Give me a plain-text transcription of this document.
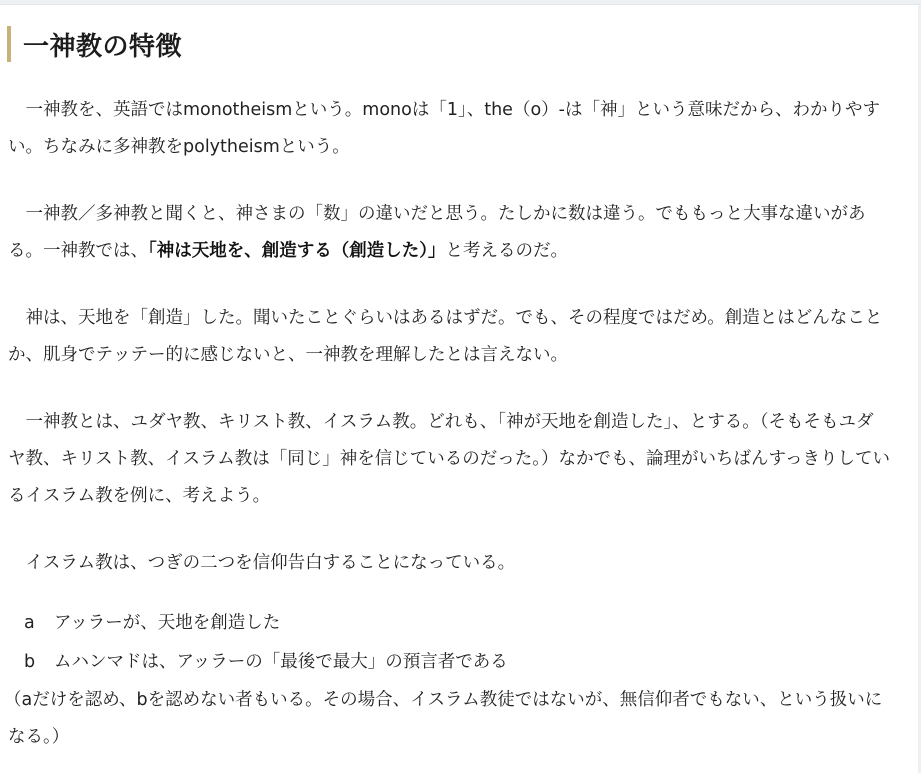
一神教の特徴

一神教を、英語ではmonotheismという。monoは「1」、the（o）-は「神」という意味だから、わかりやすい。ちなみに多神教をpolytheismという。

一神教／多神教と聞くと、神さまの「数」の違いだと思う。たしかに数は違う。でももっと大事な違いがある。一神教では、「神は天地を、創造する（創造した）」と考えるのだ。

神は、天地を「創造」した。聞いたことぐらいはあるはずだ。でも、その程度ではだめ。創造とはどんなことか、肌身でテッテー的に感じないと、一神教を理解したとは言えない。

一神教とは、ユダヤ教、キリスト教、イスラム教。どれも、「神が天地を創造した」、とする。（そもそもユダヤ教、キリスト教、イスラム教は「同じ」神を信じているのだった。）なかでも、論理がいちばんすっきりしているイスラム教を例に、考えよう。

イスラム教は、つぎの二つを信仰告白することになっている。

a アッラーが、天地を創造した
b ムハンマドは、アッラーの「最後で最大」の預言者である

（aだけを認め、bを認めない者もいる。その場合、イスラム教徒ではないが、無信仰者でもない、という扱いになる。）
